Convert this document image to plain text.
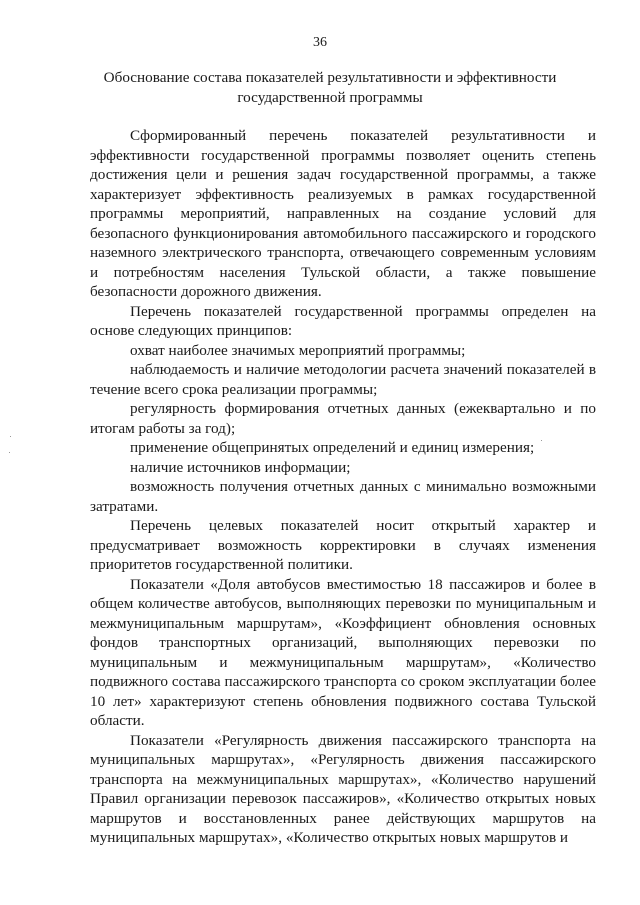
36
Обоснование состава показателей результативности и эффективности государственной программы

Сформированный перечень показателей результативности и эффективности государственной программы позволяет оценить степень достижения цели и решения задач государственной программы, а также характеризует эффективность реализуемых в рамках государственной программы мероприятий, направленных на создание условий для безопасного функционирования автомобильного пассажирского и городского наземного электрического транспорта, отвечающего современным условиям и потребностям населения Тульской области, а также повышение безопасности дорожного движения.

Перечень показателей государственной программы определен на основе следующих принципов:

охват наиболее значимых мероприятий программы;

наблюдаемость и наличие методологии расчета значений показателей в течение всего срока реализации программы;

регулярность формирования отчетных данных (ежеквартально и по итогам работы за год);

применение общепринятых определений и единиц измерения;

наличие источников информации;

возможность получения отчетных данных с минимально возможными затратами.

Перечень целевых показателей носит открытый характер и предусматривает возможность корректировки в случаях изменения приоритетов государственной политики.

Показатели «Доля автобусов вместимостью 18 пассажиров и более в общем количестве автобусов, выполняющих перевозки по муниципальным и межмуниципальным маршрутам», «Коэффициент обновления основных фондов транспортных организаций, выполняющих перевозки по муниципальным и межмуниципальным маршрутам», «Количество подвижного состава пассажирского транспорта со сроком эксплуатации более 10 лет» характеризуют степень обновления подвижного состава Тульской области.

Показатели «Регулярность движения пассажирского транспорта на муниципальных маршрутах», «Регулярность движения пассажирского транспорта на межмуниципальных маршрутах», «Количество нарушений Правил организации перевозок пассажиров», «Количество открытых новых маршрутов и восстановленных ранее действующих маршрутов на муниципальных маршрутах», «Количество открытых новых маршрутов и
